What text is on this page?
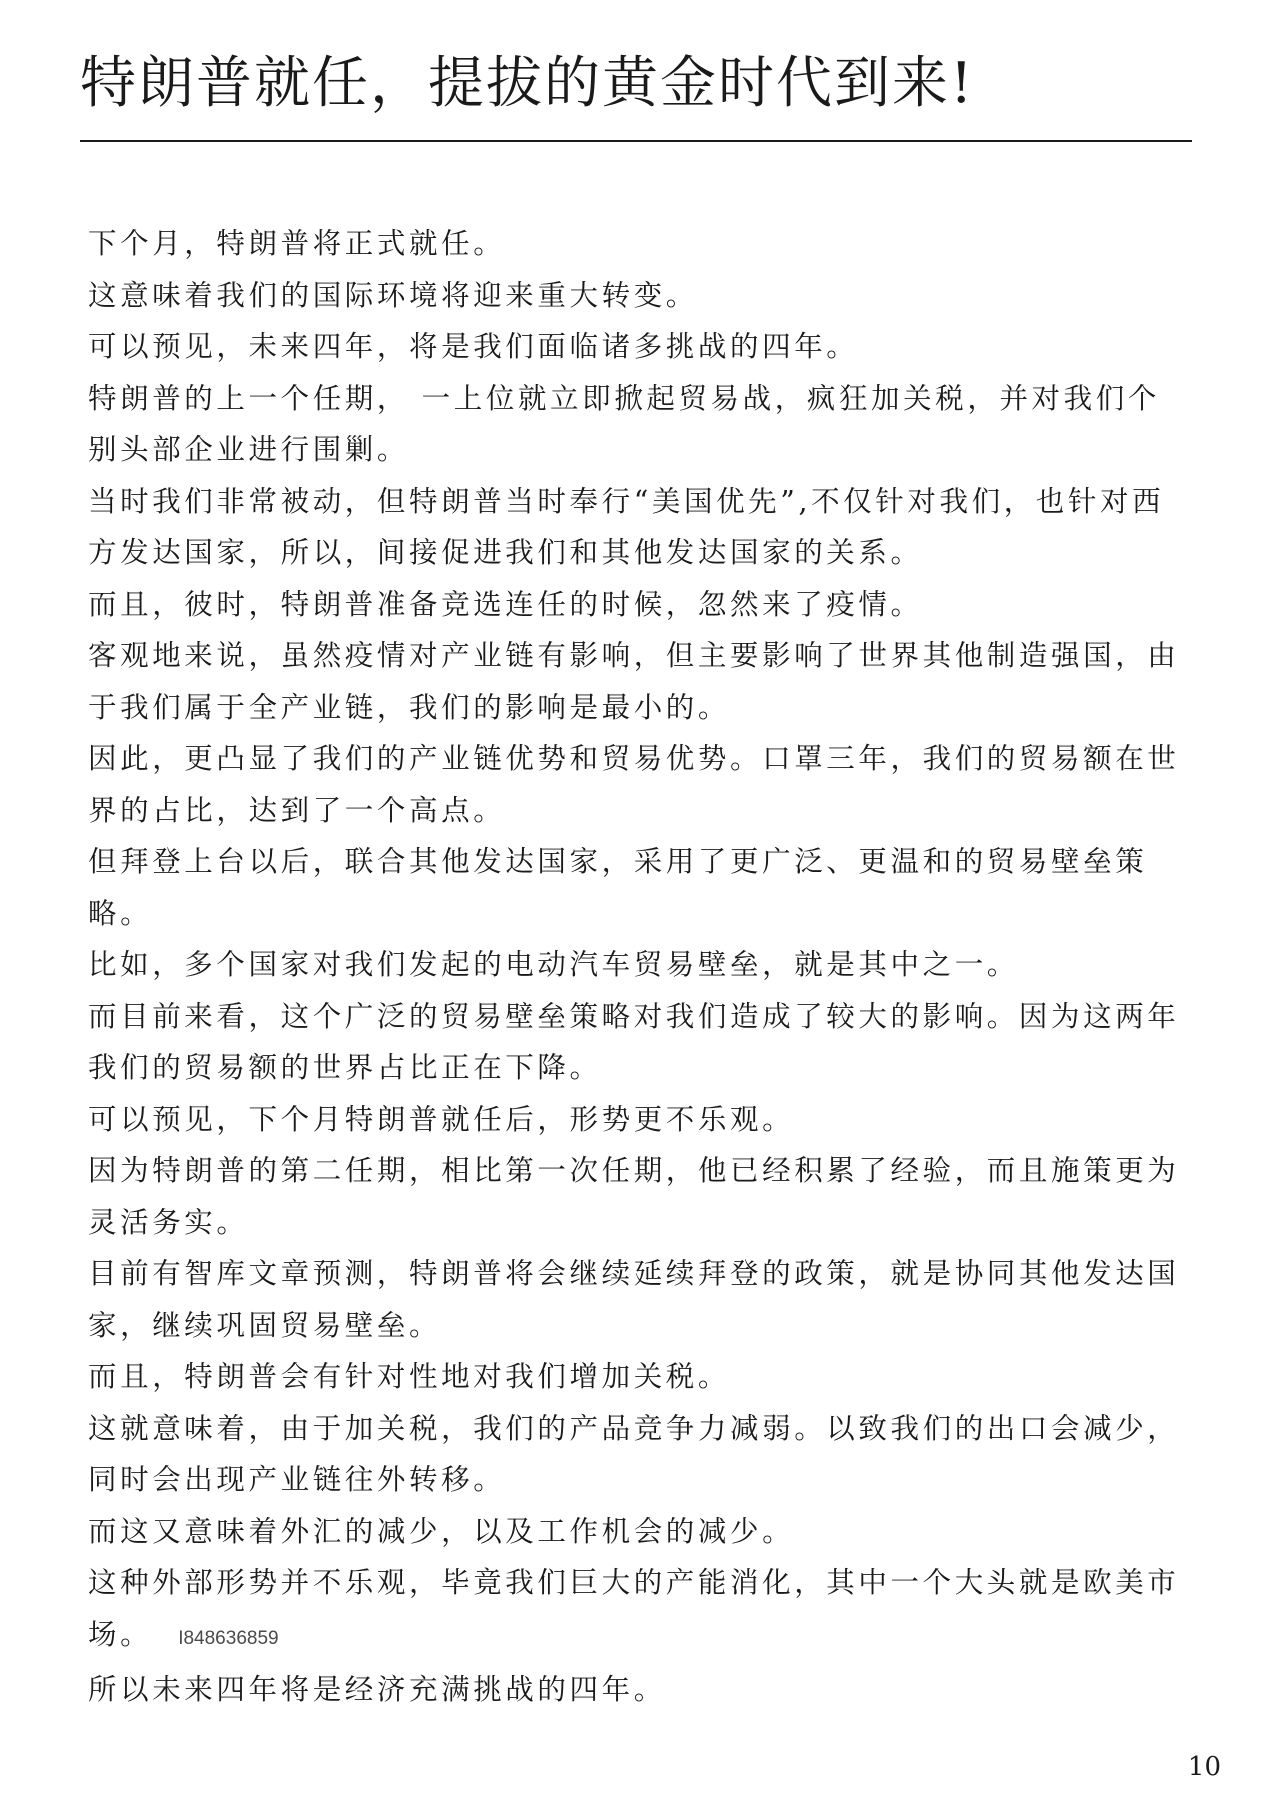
特朗普就任，提拔的黄金时代到来!

下个月，特朗普将正式就任。

这意味着我们的国际环境将迎来重大转变。

可以预见，未来四年，将是我们面临诸多挑战的四年。

特朗普的上一个任期， 一上位就立即掀起贸易战，疯狂加关税，并对我们个别头部企业进行围剿。

当时我们非常被动，但特朗普当时奉行“美国优先”,不仅针对我们，也针对西方发达国家，所以，间接促进我们和其他发达国家的关系。

而且，彼时，特朗普准备竞选连任的时候，忽然来了疫情。

客观地来说，虽然疫情对产业链有影响，但主要影响了世界其他制造强国，由于我们属于全产业链，我们的影响是最小的。

因此，更凸显了我们的产业链优势和贸易优势。口罩三年，我们的贸易额在世界的占比，达到了一个高点。

但拜登上台以后，联合其他发达国家，采用了更广泛、更温和的贸易壁垒策略。

比如，多个国家对我们发起的电动汽车贸易壁垒，就是其中之一。

而目前来看，这个广泛的贸易壁垒策略对我们造成了较大的影响。因为这两年我们的贸易额的世界占比正在下降。

可以预见，下个月特朗普就任后，形势更不乐观。

因为特朗普的第二任期，相比第一次任期，他已经积累了经验，而且施策更为灵活务实。

目前有智库文章预测，特朗普将会继续延续拜登的政策，就是协同其他发达国家，继续巩固贸易壁垒。

而且，特朗普会有针对性地对我们增加关税。

这就意味着，由于加关税，我们的产品竞争力减弱。以致我们的出口会减少，同时会出现产业链往外转移。

而这又意味着外汇的减少，以及工作机会的减少。

这种外部形势并不乐观，毕竟我们巨大的产能消化，其中一个大头就是欧美市场。 I848636859

所以未来四年将是经济充满挑战的四年。

10
